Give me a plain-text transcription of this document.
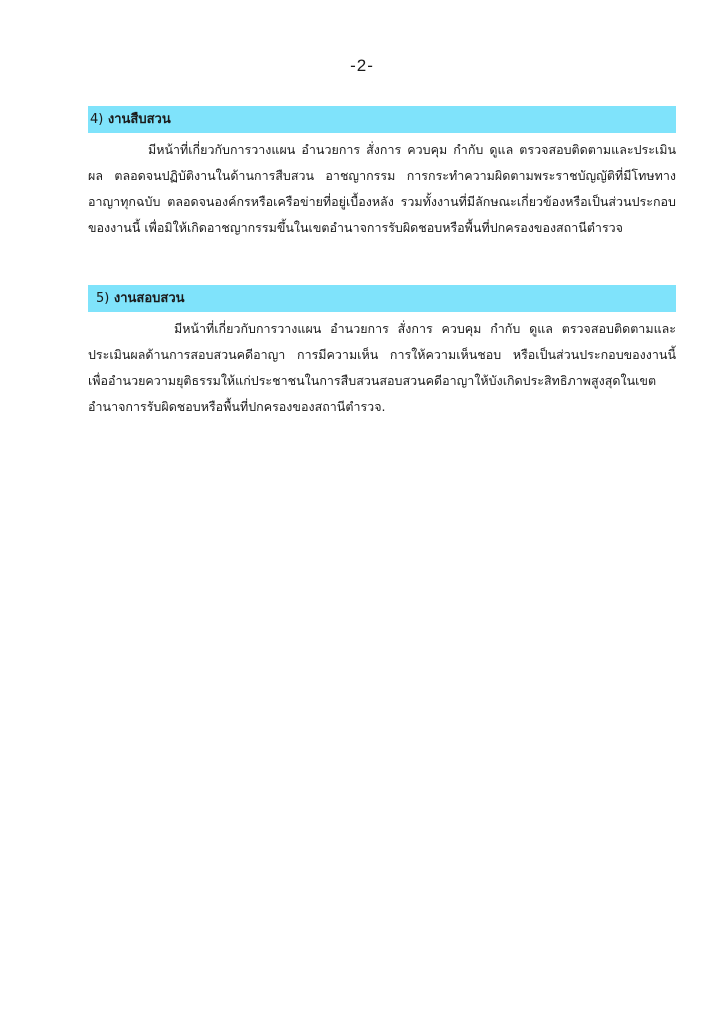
-2-
4) งานสืบสวน

มีหน้าที่เกี่ยวกับการวางแผน อำนวยการ สั่งการ ควบคุม กำกับ ดูแล ตรวจสอบติดตามและประเมินผล ตลอดจนปฏิบัติงานในด้านการสืบสวน อาชญากรรม การกระทำความผิดตามพระราชบัญญัติที่มีโทษทางอาญาทุกฉบับ ตลอดจนองค์กรหรือเครือข่ายที่อยู่เบื้องหลัง รวมทั้งงานที่มีลักษณะเกี่ยวข้องหรือเป็นส่วนประกอบของงานนี้ เพื่อมิให้เกิดอาชญากรรมขึ้นในเขตอำนาจการรับผิดชอบหรือพื้นที่ปกครองของสถานีตำรวจ

5) งานสอบสวน

มีหน้าที่เกี่ยวกับการวางแผน อำนวยการ สั่งการ ควบคุม กำกับ ดูแล ตรวจสอบติดตามและประเมินผลด้านการสอบสวนคดีอาญา การมีความเห็น การให้ความเห็นชอบ หรือเป็นส่วนประกอบของงานนี้ เพื่ออำนวยความยุติธรรมให้แก่ประชาชนในการสืบสวนสอบสวนคดีอาญาให้บังเกิดประสิทธิภาพสูงสุดในเขตอำนาจการรับผิดชอบหรือพื้นที่ปกครองของสถานีตำรวจ.
